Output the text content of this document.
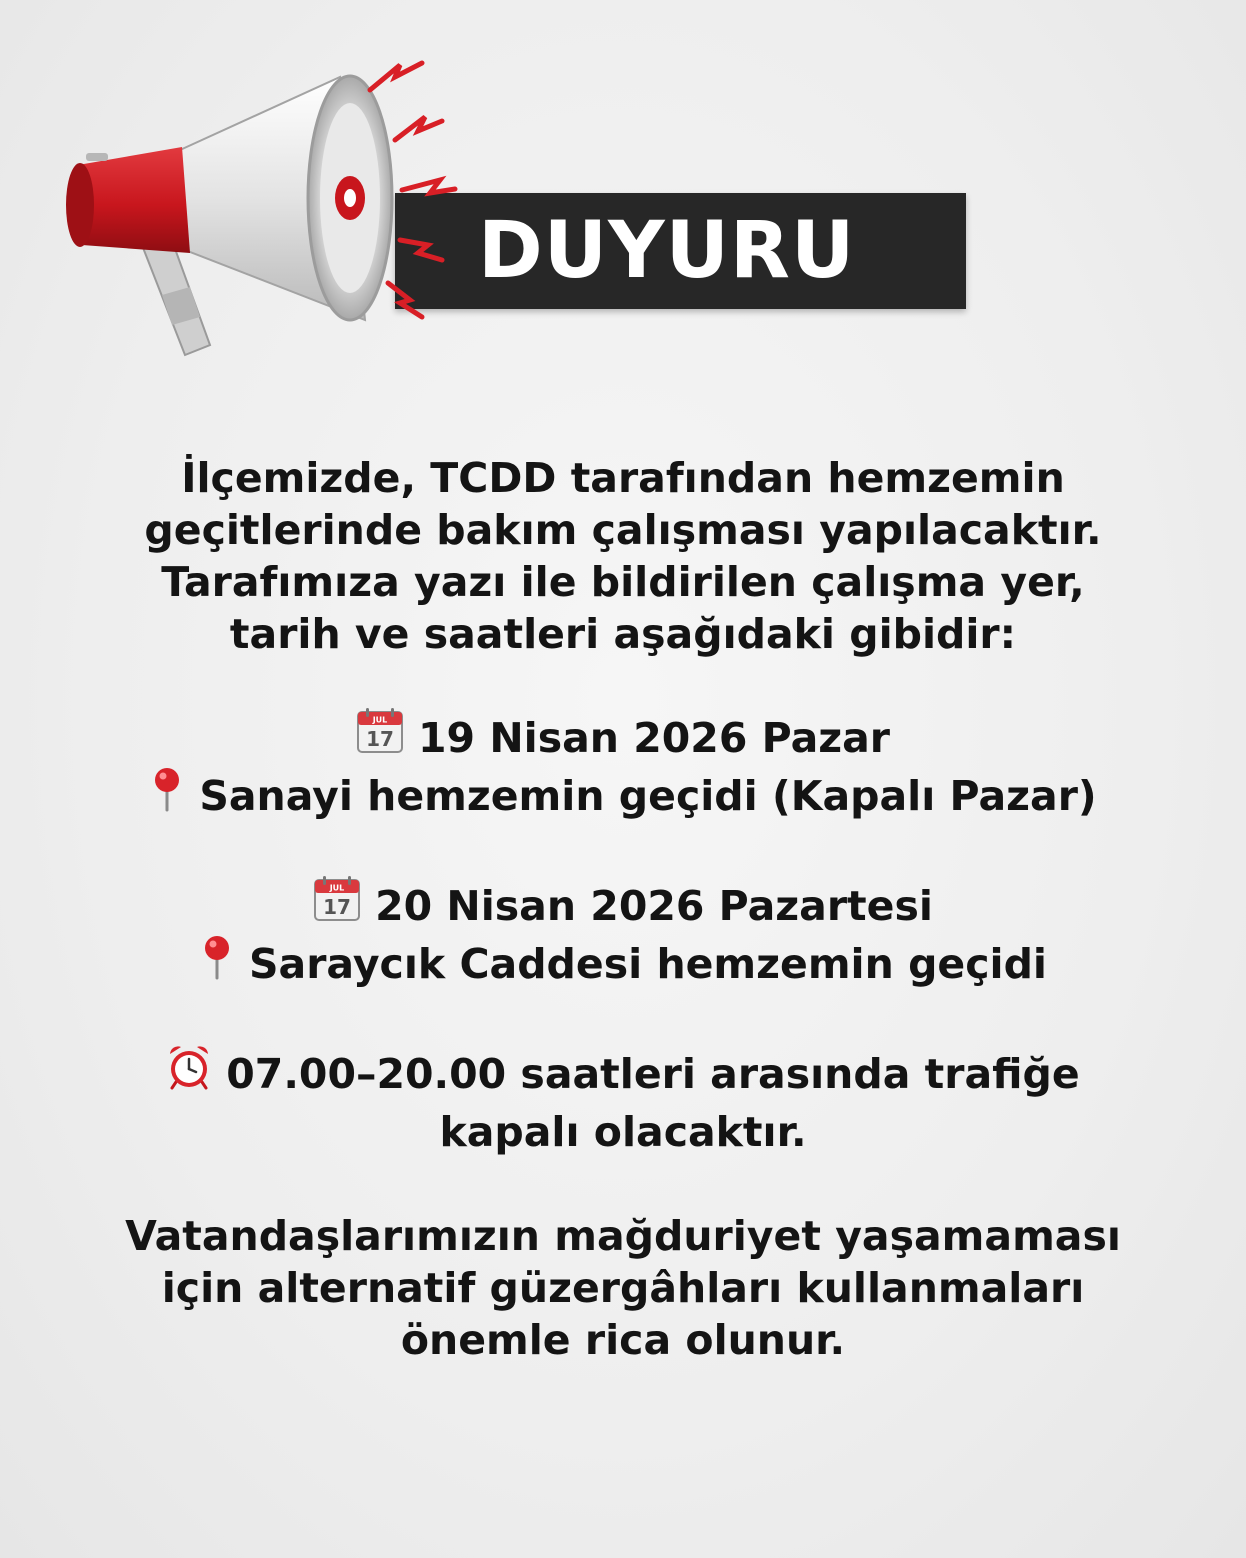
DUYURU

İlçemizde, TCDD tarafından hemzemin
geçitlerinde bakım çalışması yapılacaktır.
Tarafımıza yazı ile bildirilen çalışma yer,
tarih ve saatleri aşağıdaki gibidir:

JUL
17 19 Nisan 2026 Pazar
Sanayi hemzemin geçidi (Kapalı Pazar)

JUL
17 20 Nisan 2026 Pazartesi
Saraycık Caddesi hemzemin geçidi

07.00–20.00 saatleri arasında trafiğe
kapalı olacaktır.

Vatandaşlarımızın mağduriyet yaşamaması
için alternatif güzergâhları kullanmaları
önemle rica olunur.
